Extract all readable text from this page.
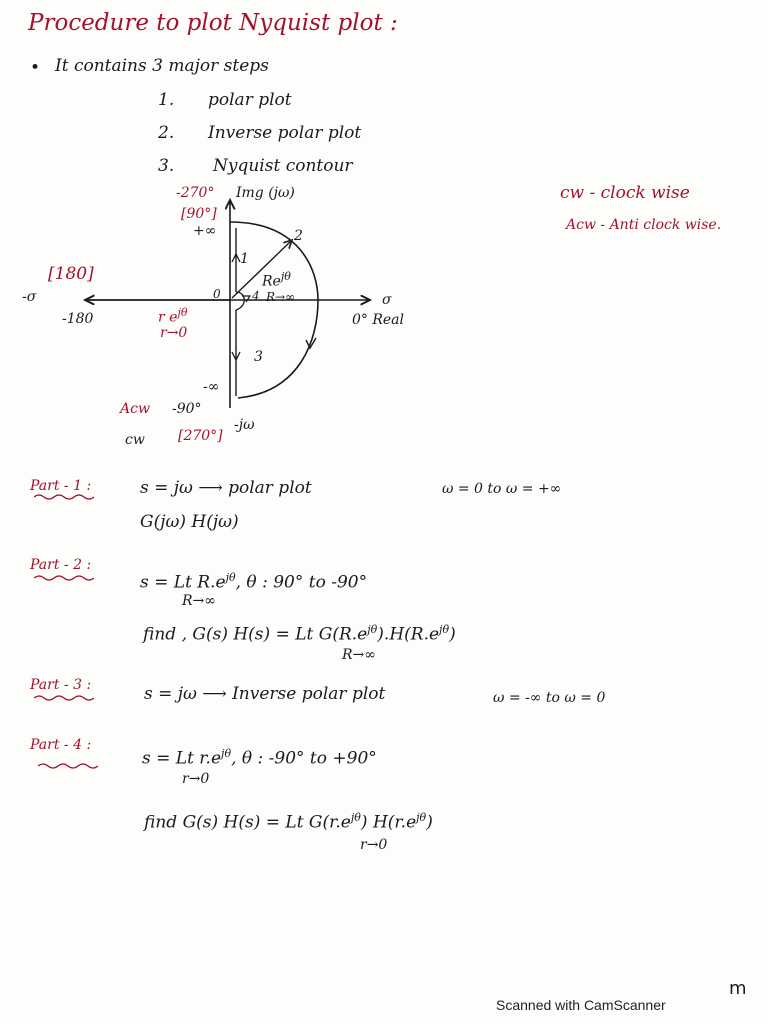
Procedure to plot Nyquist plot :
• It contains 3 major steps
1. polar plot
2. Inverse polar plot
3. Nyquist contour
cw - clock wise
Acw - Anti clock wise.
-270° Img (jω)
[90°]
+∞
[180]
-σ
-180
0
r $e^{j\theta}$
r→0
$Re^{j\theta}$
1
2
3
4 R→∞	σ
0° Real
-∞
-90°
Acw
cw [270°]
-jω
Part - 1 :	s = jω ⟶ polar plot	ω = 0 to ω = +∞
G(jω) H(jω)
Part - 2 :
s = Lt $R.e^{j\theta}$, θ : 90° to -90°
R→∞
find , G(s) H(s) = Lt $G(R.e^{j\theta}).H(R.e^{j\theta})$
R→∞
Part - 3 :	s = jω ⟶ Inverse polar plot	ω = -∞ to ω = 0
Part - 4 :
s = Lt $r.e^{j\theta}$, θ : -90° to +90°
r→0
find G(s) H(s) = Lt $G(r.e^{j\theta})$ $H(r.e^{j\theta})$
r→0
m
Scanned with CamScanner
